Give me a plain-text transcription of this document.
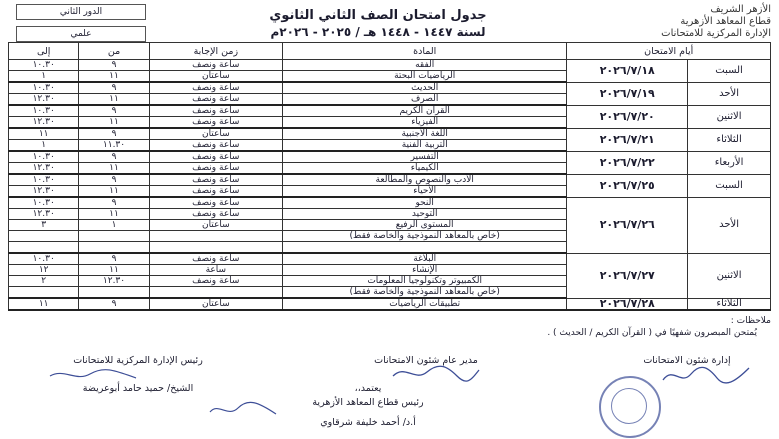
الأزهر الشريف
قطاع المعاهد الأزهرية
الإدارة المركزية للامتحانات
جدول امتحان الصف الثاني الثانوي
لسنة ١٤٤٧ - ١٤٤٨ هـ / ٢٠٢٥ - ٢٠٢٦م
الدور الثاني
علمي
أيام الامتحان		المادة	زمن الإجابة	من	إلى
السبت	٢٠٢٦/٧/١٨	الفقه	ساعة ونصف	٩	١٠.٣٠
		الرياضيات البحتة	ساعتان	١١	١
الأحد	٢٠٢٦/٧/١٩	الحديث	ساعة ونصف	٩	١٠.٣٠
		الصرف	ساعة ونصف	١١	١٢.٣٠
الاثنين	٢٠٢٦/٧/٢٠	القرآن الكريم	ساعة ونصف	٩	١٠.٣٠
		الفيزياء	ساعة ونصف	١١	١٢.٣٠
الثلاثاء	٢٠٢٦/٧/٢١	اللغة الأجنبية	ساعتان	٩	١١
		التربية الفنية	ساعة ونصف	١١.٣٠	١
الأربعاء	٢٠٢٦/٧/٢٢	التفسير	ساعة ونصف	٩	١٠.٣٠
		الكيمياء	ساعة ونصف	١١	١٢.٣٠
السبت	٢٠٢٦/٧/٢٥	الأدب والنصوص والمطالعة	ساعة ونصف	٩	١٠.٣٠
		الأحياء	ساعة ونصف	١١	١٢.٣٠
الأحد	٢٠٢٦/٧/٢٦	النحو	ساعة ونصف	٩	١٠.٣٠
		التوحيد	ساعة ونصف	١١	١٢.٣٠
		المستوى الرفيع	ساعتان	١	٣
		(خاص بالمعاهد النموذجية والخاصة فقط)			

الاثنين	٢٠٢٦/٧/٢٧	البلاغة	ساعة ونصف	٩	١٠.٣٠
		الإنشاء	ساعة	١١	١٢
		الكمبيوتر وتكنولوجيا المعلومات	ساعة ونصف	١٢.٣٠	٢
		(خاص بالمعاهد النموذجية والخاصة فقط)			
الثلاثاء	٢٠٢٦/٧/٢٨	تطبيقات الرياضيات	ساعتان	٩	١١
ملاحظات :
يُمتحن المبصرون شفهيًا في ( القرآن الكريم / الحديث ) .
إدارة شئون الامتحانات
مدير عام شئون الامتحانات
رئيس الإدارة المركزية للامتحانات
الشيخ/ حميد حامد أبوعريضة	يعتمد،،
رئيس قطاع المعاهد الأزهرية
أ.د/ أحمد خليفة شرقاوي
